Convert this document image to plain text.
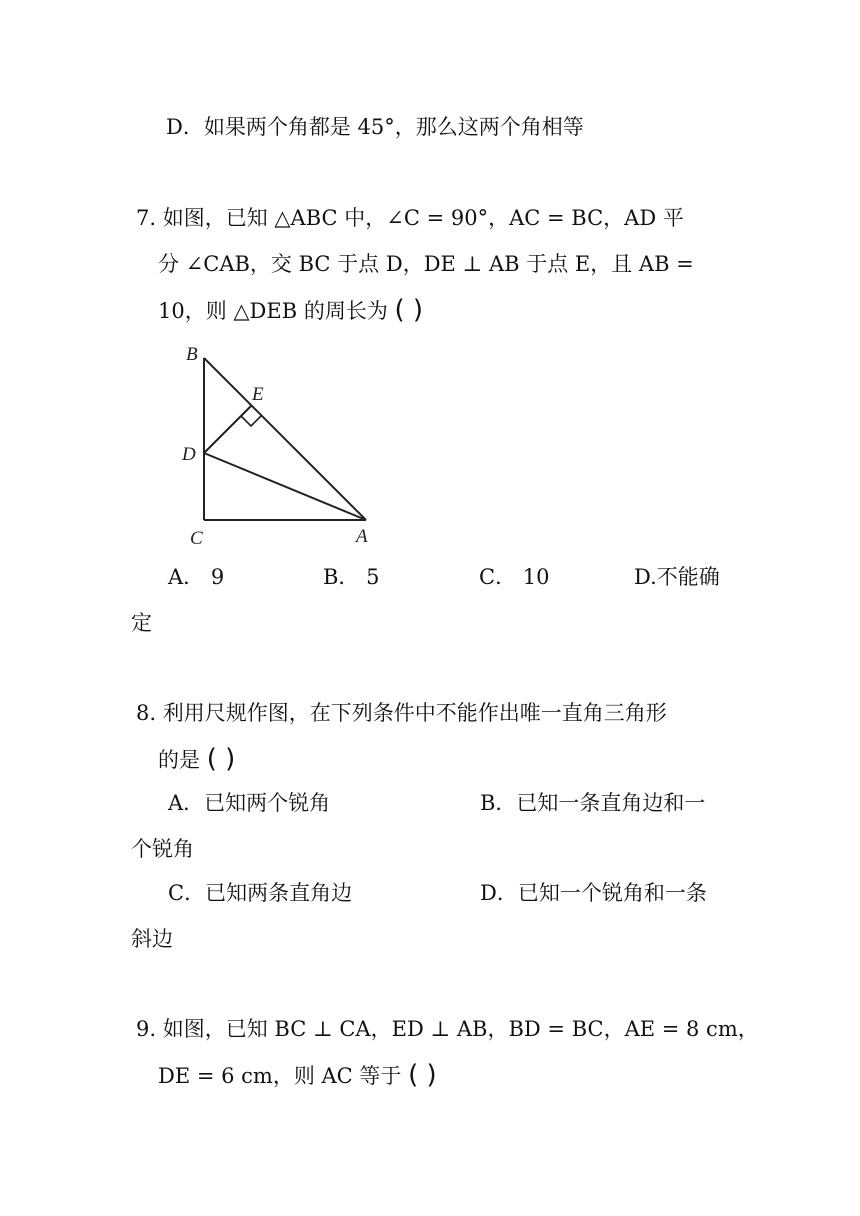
D．如果两个角都是 45°，那么这两个角相等
7. 如图，已知 △ABC 中，∠C = 90°，AC = BC，AD 平
分 ∠CAB，交 BC 于点 D，DE ⊥ AB 于点 E，且 AB =
10，则 △DEB 的周长为 ( )
B
E
D
C	A
A． 9	B． 5	C． 10	D.不能确
定
8. 利用尺规作图，在下列条件中不能作出唯一直角三角形
的是 ( )
A．已知两个锐角	B．已知一条直角边和一
个锐角
C．已知两条直角边	D．已知一个锐角和一条
斜边
9. 如图，已知 BC ⊥ CA，ED ⊥ AB，BD = BC，AE = 8 cm，
DE = 6 cm，则 AC 等于 ( )
